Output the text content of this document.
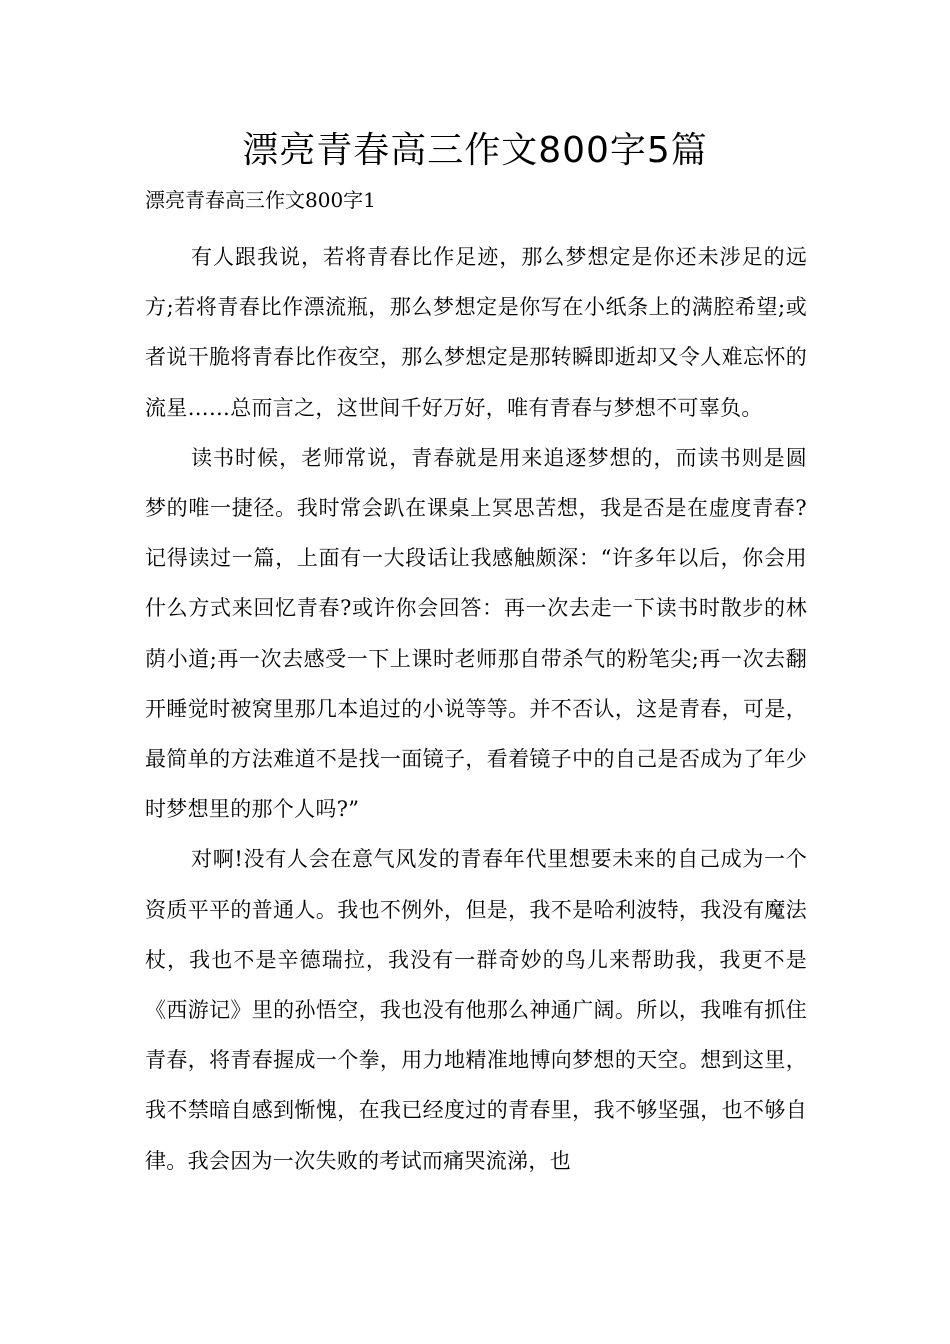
漂亮青春高三作文800字5篇
漂亮青春高三作文800字1

有人跟我说，若将青春比作足迹，那么梦想定是你还未涉足的远方;若将青春比作漂流瓶，那么梦想定是你写在小纸条上的满腔希望;或者说干脆将青春比作夜空，那么梦想定是那转瞬即逝却又令人难忘怀的流星……总而言之，这世间千好万好，唯有青春与梦想不可辜负。

读书时候，老师常说，青春就是用来追逐梦想的，而读书则是圆梦的唯一捷径。我时常会趴在课桌上冥思苦想，我是否是在虚度青春?记得读过一篇，上面有一大段话让我感触颇深：“许多年以后，你会用什么方式来回忆青春?或许你会回答：再一次去走一下读书时散步的林荫小道;再一次去感受一下上课时老师那自带杀气的粉笔尖;再一次去翻开睡觉时被窝里那几本追过的小说等等。并不否认，这是青春，可是，最简单的方法难道不是找一面镜子，看着镜子中的自己是否成为了年少时梦想里的那个人吗?”

对啊!没有人会在意气风发的青春年代里想要未来的自己成为一个资质平平的普通人。我也不例外，但是，我不是哈利波特，我没有魔法杖，我也不是辛德瑞拉，我没有一群奇妙的鸟儿来帮助我，我更不是《西游记》里的孙悟空，我也没有他那么神通广阔。所以，我唯有抓住青春，将青春握成一个拳，用力地精准地博向梦想的天空。想到这里，我不禁暗自感到惭愧，在我已经度过的青春里，我不够坚强，也不够自律。我会因为一次失败的考试而痛哭流涕，也
